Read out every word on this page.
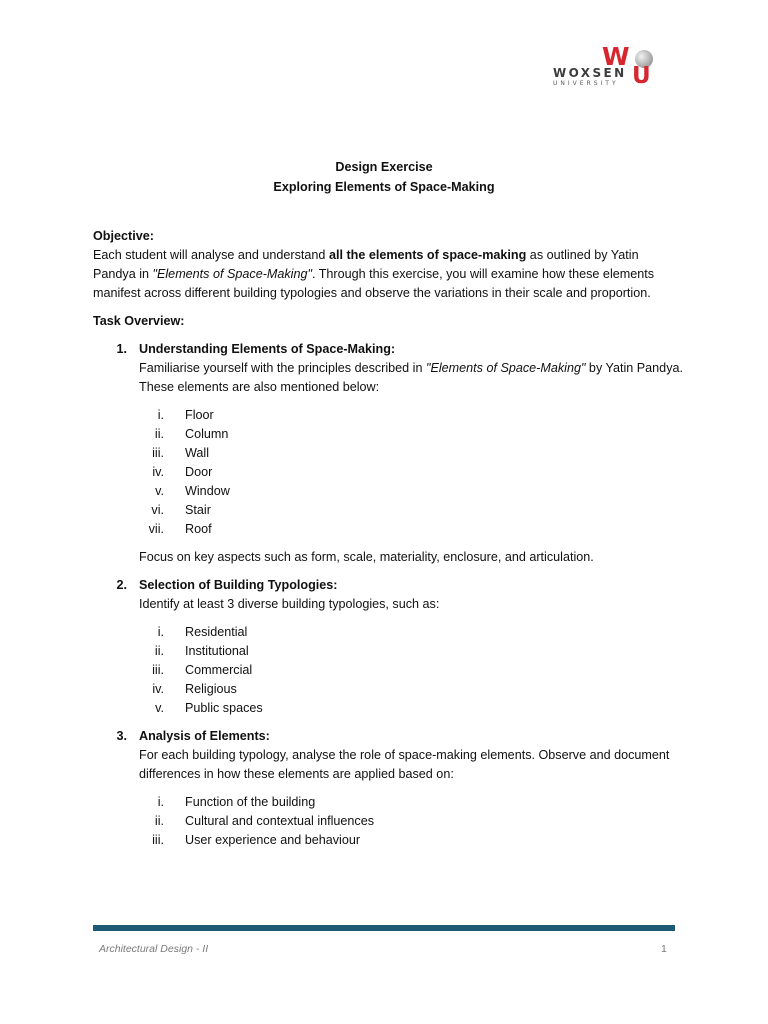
W
WOXSEN U
UNIVERSITY
Design Exercise
Exploring Elements of Space-Making
Objective:

Each student will analyse and understand all the elements of space-making as outlined by Yatin Pandya in "Elements of Space-Making". Through this exercise, you will examine how these elements manifest across different building typologies and observe the variations in their scale and proportion.

Task Overview:
1. Understanding Elements of Space-Making:
Familiarise yourself with the principles described in "Elements of Space-Making" by Yatin Pandya. These elements are also mentioned below:
i. Floor
ii. Column
iii. Wall
iv. Door
v. Window
vi. Stair
vii. Roof
Focus on key aspects such as form, scale, materiality, enclosure, and articulation.
2. Selection of Building Typologies:
Identify at least 3 diverse building typologies, such as:
i. Residential
ii. Institutional
iii. Commercial
iv. Religious
v. Public spaces
3. Analysis of Elements:
For each building typology, analyse the role of space-making elements. Observe and document differences in how these elements are applied based on:
i. Function of the building
ii. Cultural and contextual influences
iii. User experience and behaviour
Architectural Design - II	1
